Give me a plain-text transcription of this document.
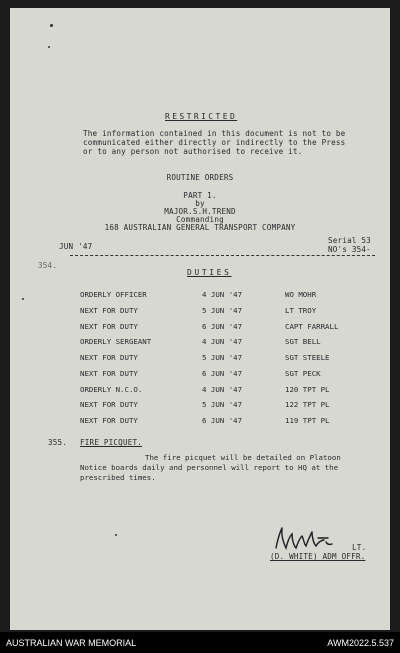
RESTRICTED
The information contained in this document is not to be
communicated either directly or indirectly to the Press
or to any person not authorised to receive it.
ROUTINE ORDERS
PART 1.
by
MAJOR.S.H.TREND
Commanding
168 AUSTRALIAN GENERAL TRANSPORT COMPANY
JUN '47
Serial 53
NO's 354-
354.
DUTIES
ORDERLY OFFICER	4 JUN '47	WO MOHR
NEXT FOR DUTY	5 JUN '47	LT TROY
NEXT FOR DUTY	6 JUN '47	CAPT FARRALL
ORDERLY SERGEANT	4 JUN '47	SGT BELL
NEXT FOR DUTY	5 JUN '47	SGT STEELE
NEXT FOR DUTY	6 JUN '47	SGT PECK
ORDERLY N.C.O.	4 JUN '47	120 TPT PL
NEXT FOR DUTY	5 JUN '47	122 TPT PL
NEXT FOR DUTY	6 JUN '47	119 TPT PL
355. FIRE PICQUET.
The fire picquet will be detailed on Platoon
Notice boards daily and personnel will report to HQ at the
prescribed times.
LT.
(D. WHITE) ADM OFFR.
AUSTRALIAN WAR MEMORIAL	AWM2022.5.537
